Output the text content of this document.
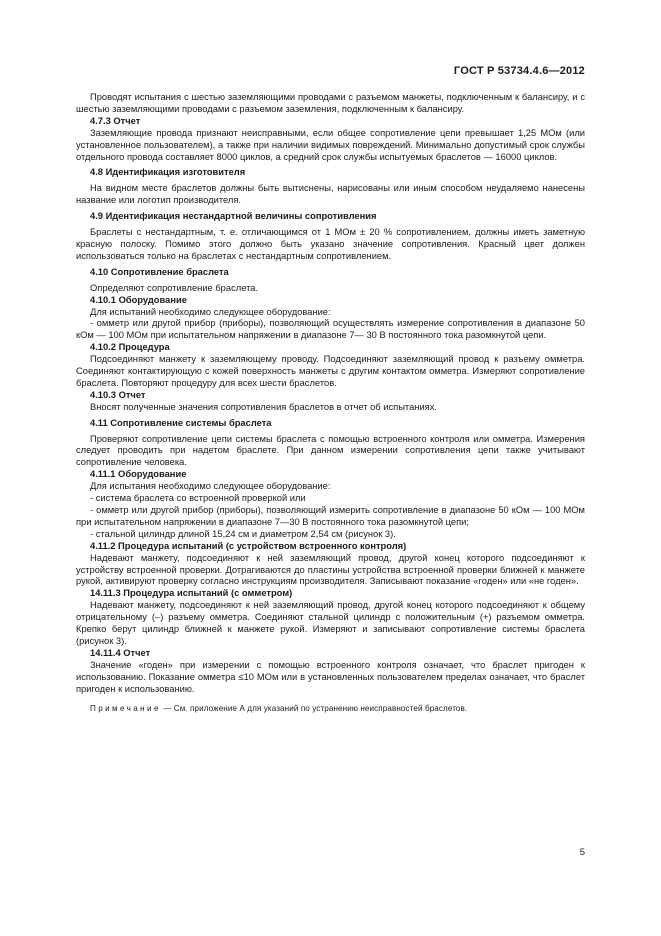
ГОСТ Р 53734.4.6—2012

Проводят испытания с шестью заземляющими проводами с разъемом манжеты, подключенным к балансиру, и с шестью заземляющими проводами с разъемом заземления, подключенным к балансиру.

4.7.3 Отчет

Заземляющие провода признают неисправными, если общее сопротивление цепи превышает 1,25 МОм (или установленное пользователем), а также при наличии видимых повреждений. Минимально допустимый срок службы отдельного провода составляет 8000 циклов, а средний срок службы испытуемых браслетов — 16000 циклов.

4.8 Идентификация изготовителя

На видном месте браслетов должны быть вытиснены, нарисованы или иным способом неудаляемо нанесены название или логотип производителя.

4.9 Идентификация нестандартной величины сопротивления

Браслеты с нестандартным, т. е. отличающимся от 1 МОм ± 20 % сопротивлением, должны иметь заметную красную полоску. Помимо этого должно быть указано значение сопротивления. Красный цвет должен использоваться только на браслетах с нестандартным сопротивлением.

4.10 Сопротивление браслета

Определяют сопротивление браслета.

4.10.1 Оборудование

Для испытаний необходимо следующее оборудование:

- омметр или другой прибор (приборы), позволяющий осуществлять измерение сопротивления в диапазоне 50 кОм — 100 МОм при испытательном напряжении в диапазоне 7— 30 В постоянного тока разомкнутой цепи.

4.10.2 Процедура

Подсоединяют манжету к заземляющему проводу. Подсоединяют заземляющий провод к разъему омметра. Соединяют контактирующую с кожей поверхность манжеты с другим контактом омметра. Измеряют сопротивление браслета. Повторяют процедуру для всех шести браслетов.

4.10.3 Отчет

Вносят полученные значения сопротивления браслетов в отчет об испытаниях.

4.11 Сопротивление системы браслета

Проверяют сопротивление цепи системы браслета с помощью встроенного контроля или омметра. Измерения следует проводить при надетом браслете. При данном измерении сопротивления цепи также учитывают сопротивление человека.

4.11.1 Оборудование

Для испытания необходимо следующее оборудование:

- система браслета со встроенной проверкой или

- омметр или другой прибор (приборы), позволяющий измерить сопротивление в диапазоне 50 кОм — 100 МОм при испытательном напряжении в диапазоне 7—30 В постоянного тока разомкнутой цепи;

- стальной цилиндр длиной 15,24 см и диаметром 2,54 см (рисунок 3).

4.11.2 Процедура испытаний (с устройством встроенного контроля)

Надевают манжету, подсоединяют к ней заземляющий провод, другой конец которого подсоединяют к устройству встроенной проверки. Дотрагиваются до пластины устройства встроенной проверки ближней к манжете рукой, активируют проверку согласно инструкциям производителя. Записывают показание «годен» или «не годен».

14.11.3 Процедура испытаний (с омметром)

Надевают манжету, подсоединяют к ней заземляющий провод, другой конец которого подсоединяют к общему отрицательному (–) разъему омметра. Соединяют стальной цилиндр с положительным (+) разъемом омметра. Крепко берут цилиндр ближней к манжете рукой. Измеряют и записывают сопротивление системы браслета (рисунок 3).

14.11.4 Отчет

Значение «годен» при измерении с помощью встроенного контроля означает, что браслет пригоден к использованию. Показание омметра ≤10 МОм или в установленных пользователем пределах означает, что браслет пригоден к использованию.

Примечание — См. приложение А для указаний по устранению неисправностей браслетов.

5
